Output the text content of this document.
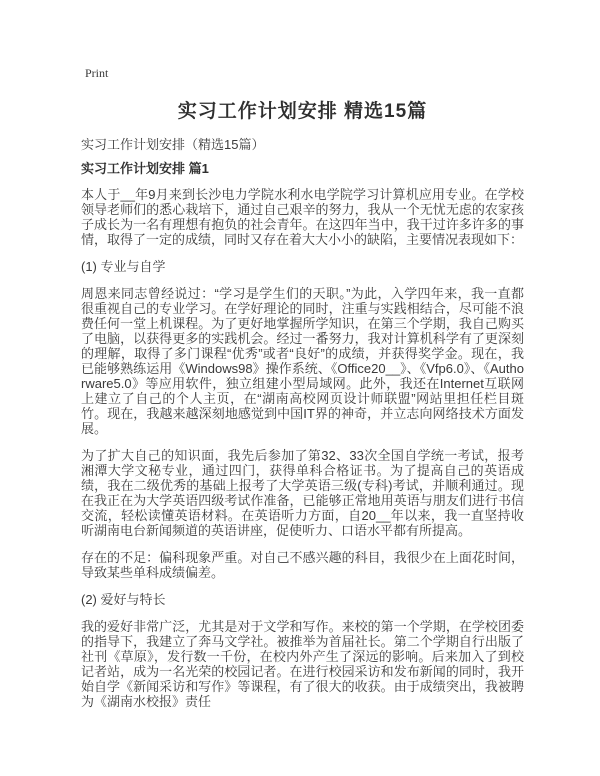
Print
实习工作计划安排 精选15篇

实习工作计划安排（精选15篇）

实习工作计划安排 篇1

本人于__年9月来到长沙电力学院水利水电学院学习计算机应用专业。在学校领导老师们的悉心栽培下，通过自己艰辛的努力，我从一个无忧无虑的农家孩子成长为一名有理想有抱负的社会青年。在这四年当中，我干过许多许多的事情，取得了一定的成绩，同时又存在着大大小小的缺陷，主要情况表现如下：

(1) 专业与自学

周恩来同志曾经说过：“学习是学生们的天职。”为此，入学四年来，我一直都很重视自己的专业学习。在学好理论的同时，注重与实践相结合，尽可能不浪费任何一堂上机课程。为了更好地掌握所学知识，在第三个学期，我自己购买了电脑，以获得更多的实践机会。经过一番努力，我对计算机科学有了更深刻的理解，取得了多门课程“优秀”或者“良好”的成绩，并获得奖学金。现在，我已能够熟练运用《Windows98》操作系统、《Office20__》、《Vfp6.0》、《Authorware5.0》等应用软件，独立组建小型局域网。此外，我还在Internet互联网上建立了自己的个人主页，在“湖南高校网页设计师联盟”网站里担任栏目斑竹。现在，我越来越深刻地感觉到中国IT界的神奇，并立志向网络技术方面发展。

为了扩大自己的知识面，我先后参加了第32、33次全国自学统一考试，报考湘潭大学文秘专业，通过四门，获得单科合格证书。为了提高自己的英语成绩，我在二级优秀的基础上报考了大学英语三级(专科)考试，并顺利通过。现在我正在为大学英语四级考试作准备，已能够正常地用英语与朋友们进行书信交流，轻松读懂英语材料。在英语听力方面，自20__年以来，我一直坚持收听湖南电台新闻频道的英语讲座，促使听力、口语水平都有所提高。

存在的不足：偏科现象严重。对自己不感兴趣的科目，我很少在上面花时间，导致某些单科成绩偏差。

(2) 爱好与特长

我的爱好非常广泛，尤其是对于文学和写作。来校的第一个学期，在学校团委的指导下，我建立了奔马文学社。被推举为首届社长。第二个学期自行出版了社刊《草原》，发行数一千份，在校内外产生了深远的影响。后来加入了到校记者站，成为一名光荣的校园记者。在进行校园采访和发布新闻的同时，我开始自学《新闻采访和写作》等课程，有了很大的收获。由于成绩突出，我被聘为《湖南水校报》责任
